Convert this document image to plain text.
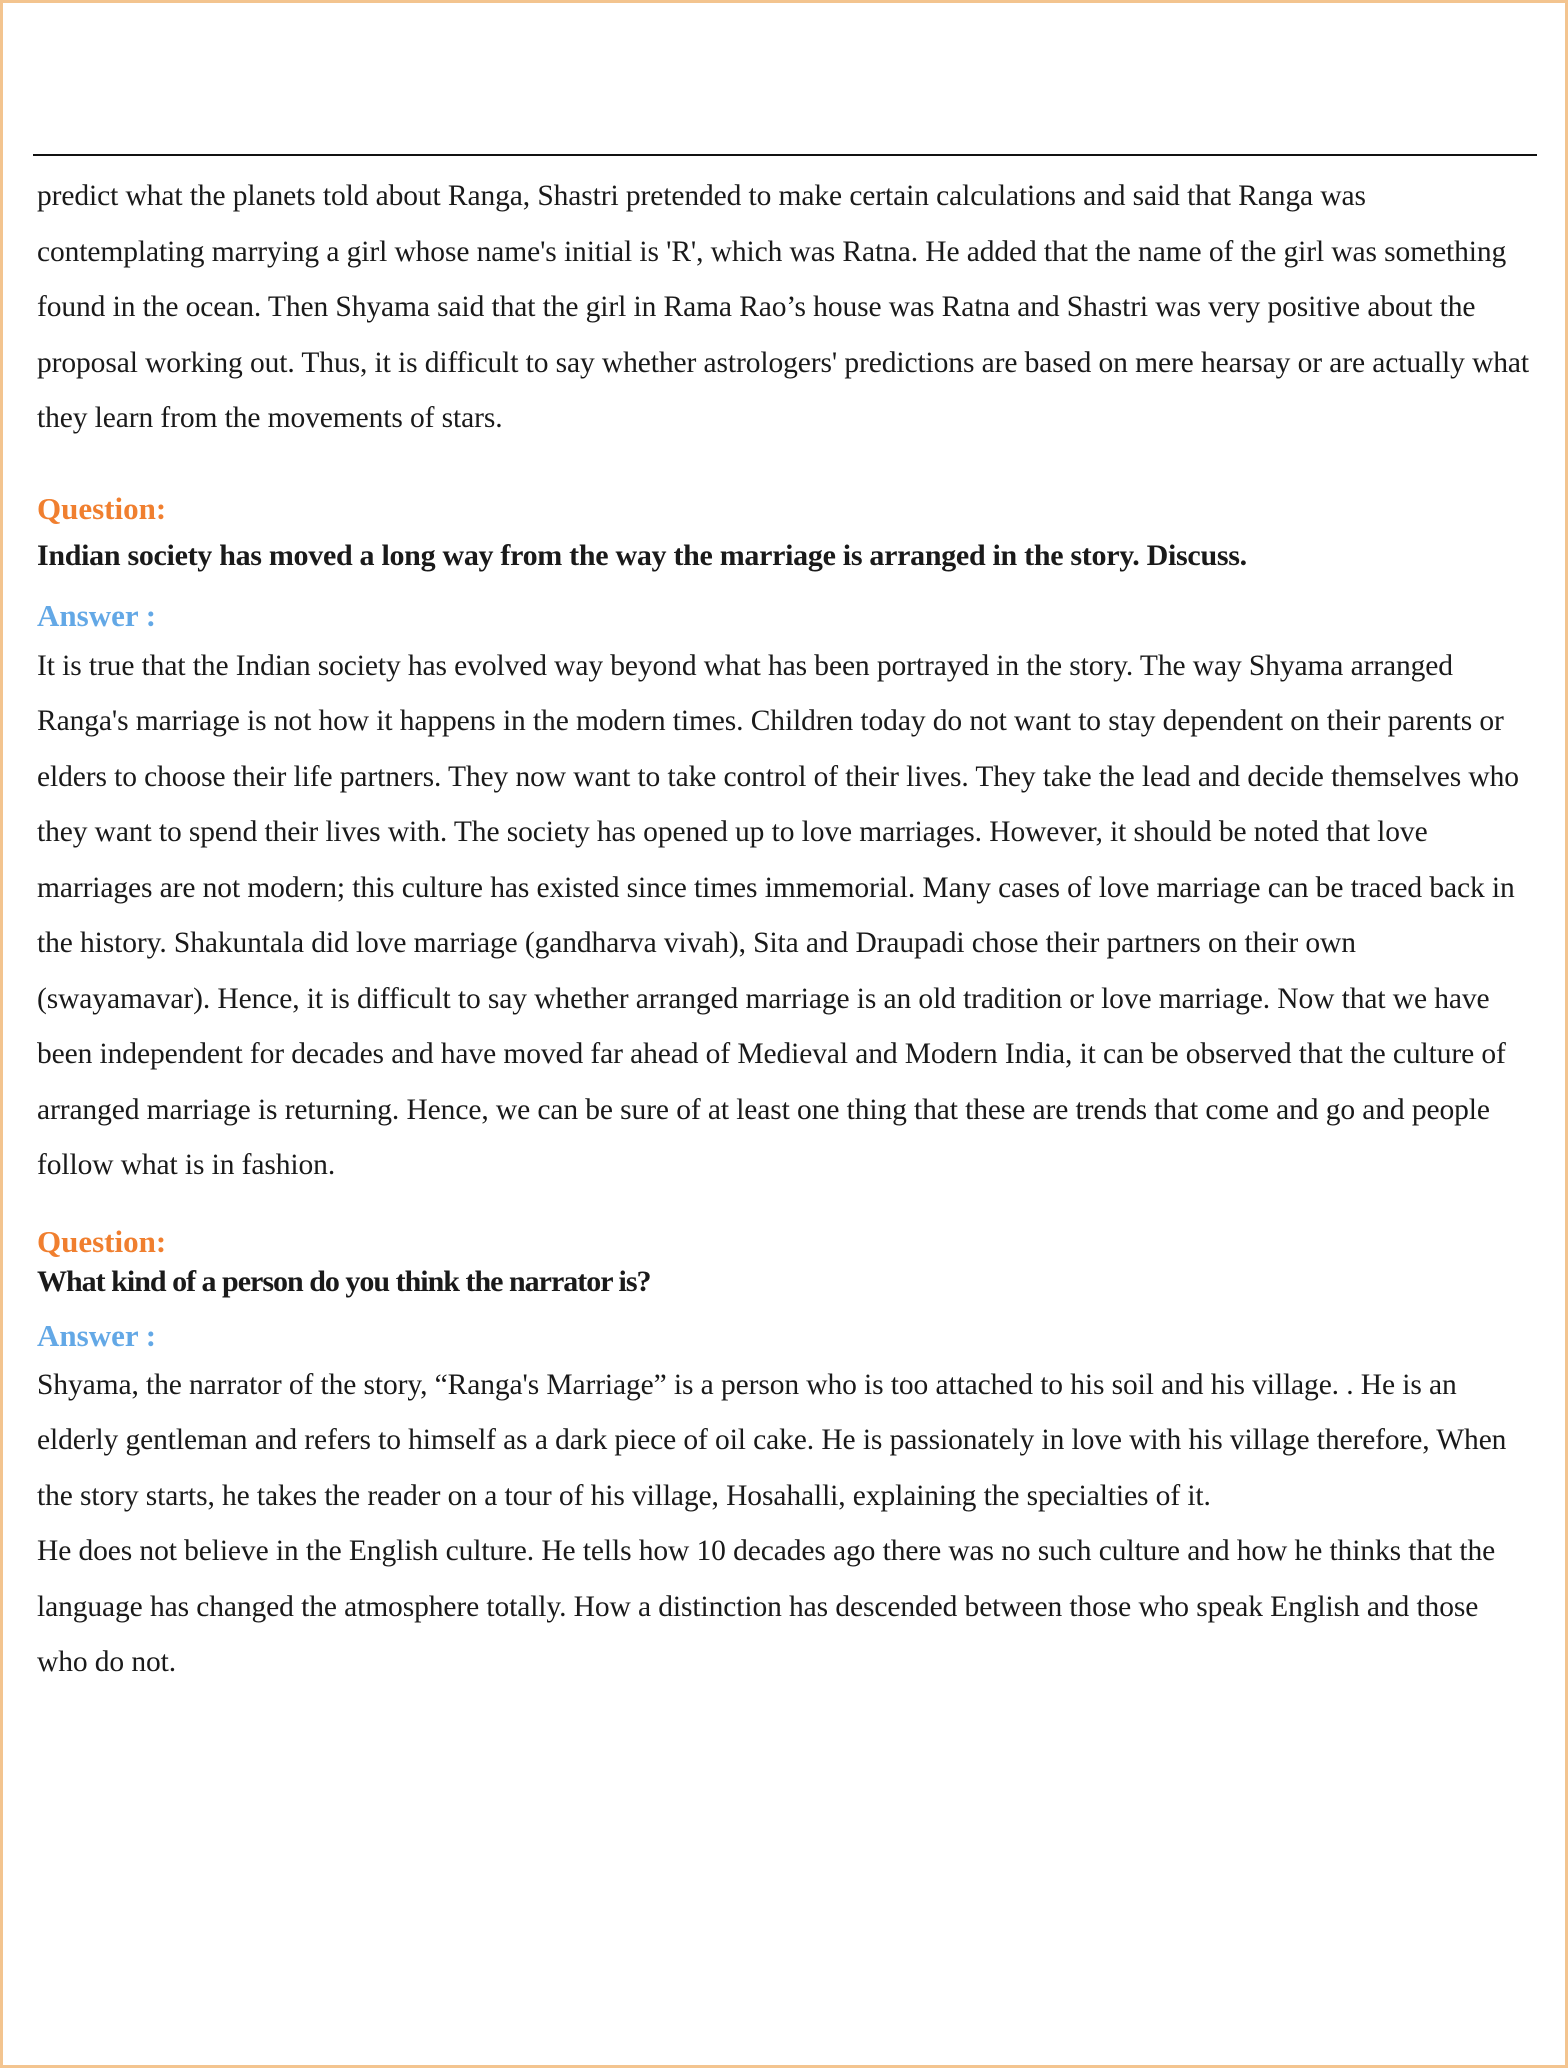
predict what the planets told about Ranga, Shastri pretended to make certain calculations and said that Ranga was contemplating marrying a girl whose name's initial is 'R', which was Ratna. He added that the name of the girl was something found in the ocean. Then Shyama said that the girl in Rama Rao’s house was Ratna and Shastri was very positive about the proposal working out. Thus, it is difficult to say whether astrologers' predictions are based on mere hearsay or are actually what they learn from the movements of stars.

Question:

Indian society has moved a long way from the way the marriage is arranged in the story. Discuss.

Answer :

It is true that the Indian society has evolved way beyond what has been portrayed in the story. The way Shyama arranged Ranga's marriage is not how it happens in the modern times. Children today do not want to stay dependent on their parents or elders to choose their life partners. They now want to take control of their lives. They take the lead and decide themselves who they want to spend their lives with. The society has opened up to love marriages. However, it should be noted that love marriages are not modern; this culture has existed since times immemorial. Many cases of love marriage can be traced back in the history. Shakuntala did love marriage (gandharva vivah), Sita and Draupadi chose their partners on their own (swayamavar). Hence, it is difficult to say whether arranged marriage is an old tradition or love marriage. Now that we have been independent for decades and have moved far ahead of Medieval and Modern India, it can be observed that the culture of arranged marriage is returning. Hence, we can be sure of at least one thing that these are trends that come and go and people follow what is in fashion.

Question:

What kind of a person do you think the narrator is?

Answer :

Shyama, the narrator of the story, “Ranga's Marriage” is a person who is too attached to his soil and his village. . He is an elderly gentleman and refers to himself as a dark piece of oil cake. He is passionately in love with his village therefore, When the story starts, he takes the reader on a tour of his village, Hosahalli, explaining the specialties of it.

He does not believe in the English culture. He tells how 10 decades ago there was no such culture and how he thinks that the language has changed the atmosphere totally. How a distinction has descended between those who speak English and those who do not.
